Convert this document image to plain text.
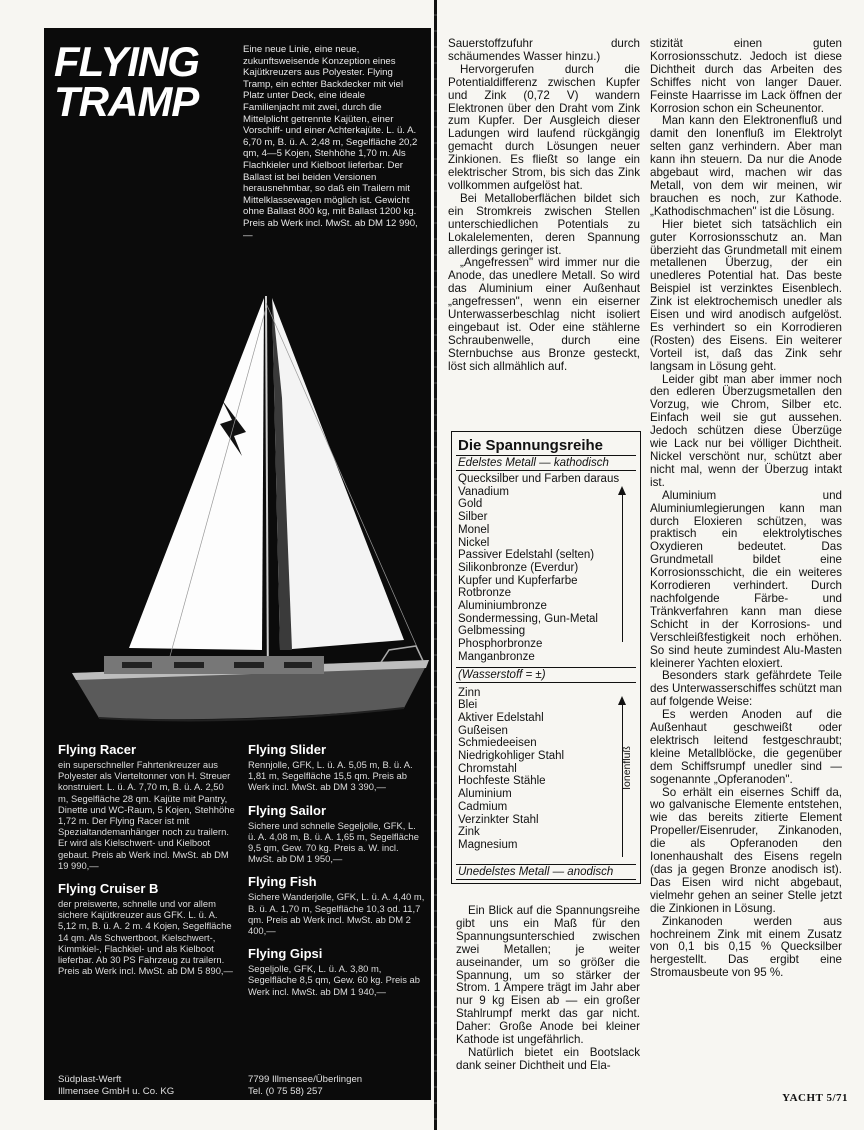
FLYING
TRAMP
Eine neue Linie, eine neue, zukunftsweisende Konzeption eines Kajütkreuzers aus Polyester. Flying Tramp, ein echter Backdecker mit viel Platz unter Deck, eine ideale Familienjacht mit zwei, durch die Mittelplicht getrennte Kajüten, einer Vorschiff- und einer Achterkajüte. L. ü. A. 6,70 m, B. ü. A. 2,48 m, Segelfläche 20,2 qm, 4—5 Kojen, Stehhöhe 1,70 m. Als Flachkieler und Kielboot lieferbar. Der Ballast ist bei beiden Versionen herausnehmbar, so daß ein Trailern mit Mittelklassewagen möglich ist. Gewicht ohne Ballast 800 kg, mit Ballast 1200 kg. Preis ab Werk incl. MwSt. ab DM 12 990,—
Flying Racer
ein superschneller Fahrtenkreuzer aus Polyester als Vierteltonner von H. Streuer konstruiert. L. ü. A. 7,70 m, B. ü. A. 2,50 m, Segelfläche 28 qm. Kajüte mit Pantry, Dinette und WC-Raum, 5 Kojen, Stehhöhe 1,72 m. Der Flying Racer ist mit Spezialtandemanhänger noch zu trailern. Er wird als Kielschwert- und Kielboot gebaut. Preis ab Werk incl. MwSt. ab DM 19 990,—
Flying Cruiser B
der preiswerte, schnelle und vor allem sichere Kajütkreuzer aus GFK. L. ü. A. 5,12 m, B. ü. A. 2 m. 4 Kojen, Segelfläche 14 qm. Als Schwertboot, Kielschwert-, Kimmkiel-, Flachkiel- und als Kielboot lieferbar. Ab 30 PS Fahrzeug zu trailern. Preis ab Werk incl. MwSt. ab DM 5 890,—
Flying Slider
Rennjolle, GFK, L. ü. A. 5,05 m, B. ü. A. 1,81 m, Segelfläche 15,5 qm. Preis ab Werk incl. MwSt. ab DM 3 390,—
Flying Sailor
Sichere und schnelle Segeljolle, GFK, L. ü. A. 4,08 m, B. ü. A. 1,65 m, Segelfläche 9,5 qm, Gew. 70 kg. Preis a. W. incl. MwSt. ab DM 1 950,—
Flying Fish
Sichere Wanderjolle, GFK, L. ü. A. 4,40 m, B. ü. A. 1,70 m, Segelfläche 10,3 od. 11,7 qm. Preis ab Werk incl. MwSt. ab DM 2 400,—
Flying Gipsi
Segeljolle, GFK, L. ü. A. 3,80 m, Segelfläche 8,5 qm, Gew. 60 kg. Preis ab Werk incl. MwSt. ab DM 1 940,—
Südplast-Werft
Illmensee GmbH u. Co. KG
7799 Illmensee/Überlingen
Tel. (0 75 58) 257

Sauerstoffzufuhr durch schäumendes Wasser hinzu.)

Hervorgerufen durch die Potentialdifferenz zwischen Kupfer und Zink (0,72 V) wandern Elektronen über den Draht vom Zink zum Kupfer. Der Ausgleich dieser Ladungen wird laufend rückgängig gemacht durch Lösungen neuer Zinkionen. Es fließt so lange ein elektrischer Strom, bis sich das Zink vollkommen aufgelöst hat.

Bei Metalloberflächen bildet sich ein Stromkreis zwischen Stellen unterschiedlichen Potentials zu Lokalelementen, deren Spannung allerdings geringer ist.

„Angefressen" wird immer nur die Anode, das unedlere Metall. So wird das Aluminium einer Außenhaut „angefressen", wenn ein eiserner Unterwasserbeschlag nicht isoliert eingebaut ist. Oder eine stählerne Schraubenwelle, durch eine Sternbuchse aus Bronze gesteckt, löst sich allmählich auf.

Die Spannungsreihe
Edelstes Metall — kathodisch
Quecksilber und Farben daraus
Vanadium
Gold
Silber
Monel
Nickel
Passiver Edelstahl (selten)
Silikonbronze (Everdur)
Kupfer und Kupferfarbe
Rotbronze
Aluminiumbronze
Sondermessing, Gun-Metal
Gelbmessing
Phosphorbronze
Manganbronze
(Wasserstoff = ±)
Zinn
Blei
Aktiver Edelstahl
Gußeisen
Schmiedeeisen
Niedrigkohliger Stahl
Chromstahl
Hochfeste Stähle
Aluminium
Cadmium
Verzinkter Stahl
Zink
Magnesium
Ionenfluß
Unedelstes Metall — anodisch

Ein Blick auf die Spannungsreihe gibt uns ein Maß für den Spannungsunterschied zwischen zwei Metallen; je weiter auseinander, um so größer die Spannung, um so stärker der Strom. 1 Ampere trägt im Jahr aber nur 9 kg Eisen ab — ein großer Stahlrumpf merkt das gar nicht. Daher: Große Anode bei kleiner Kathode ist ungefährlich.

Natürlich bietet ein Bootslack dank seiner Dichtheit und Ela-

stizität einen guten Korrosionsschutz. Jedoch ist diese Dichtheit durch das Arbeiten des Schiffes nicht von langer Dauer. Feinste Haarrisse im Lack öffnen der Korrosion schon ein Scheunentor.

Man kann den Elektronenfluß und damit den Ionenfluß im Elektrolyt selten ganz verhindern. Aber man kann ihn steuern. Da nur die Anode abgebaut wird, machen wir das Metall, von dem wir meinen, wir brauchen es noch, zur Kathode. „Kathodischmachen" ist die Lösung.

Hier bietet sich tatsächlich ein guter Korrosionsschutz an. Man überzieht das Grundmetall mit einem metallenen Überzug, der ein unedleres Potential hat. Das beste Beispiel ist verzinktes Eisenblech. Zink ist elektrochemisch unedler als Eisen und wird anodisch aufgelöst. Es verhindert so ein Korrodieren (Rosten) des Eisens. Ein weiterer Vorteil ist, daß das Zink sehr langsam in Lösung geht.

Leider gibt man aber immer noch den edleren Überzugsmetallen den Vorzug, wie Chrom, Silber etc. Einfach weil sie gut aussehen. Jedoch schützen diese Überzüge wie Lack nur bei völliger Dichtheit. Nickel verschönt nur, schützt aber nicht mal, wenn der Überzug intakt ist.

Aluminium und Aluminiumlegierungen kann man durch Eloxieren schützen, was praktisch ein elektrolytisches Oxydieren bedeutet. Das Grundmetall bildet eine Korrosionsschicht, die ein weiteres Korrodieren verhindert. Durch nachfolgende Färbe- und Tränkverfahren kann man diese Schicht in der Korrosions- und Verschleißfestigkeit noch erhöhen. So sind heute zumindest Alu-Masten kleinerer Yachten eloxiert.

Besonders stark gefährdete Teile des Unterwasserschiffes schützt man auf folgende Weise:

Es werden Anoden auf die Außenhaut geschweißt oder elektrisch leitend festgeschraubt; kleine Metallblöcke, die gegenüber dem Schiffsrumpf unedler sind — sogenannte „Opferanoden".

So erhält ein eisernes Schiff da, wo galvanische Elemente entstehen, wie das bereits zitierte Element Propeller/Eisenruder, Zinkanoden, die als Opferanoden den Ionenhaushalt des Eisens regeln (das ja gegen Bronze anodisch ist). Das Eisen wird nicht abgebaut, vielmehr gehen an seiner Stelle jetzt die Zinkionen in Lösung.

Zinkanoden werden aus hochreinem Zink mit einem Zusatz von 0,1 bis 0,15 % Quecksilber hergestellt. Das ergibt eine Stromausbeute von 95 %.

YACHT 5/71
